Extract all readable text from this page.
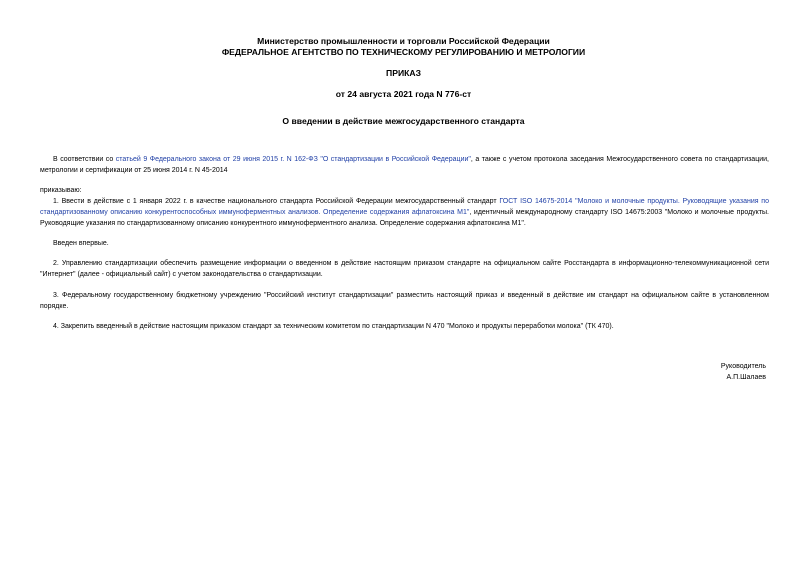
Министерство промышленности и торговли Российской Федерации
ФЕДЕРАЛЬНОЕ АГЕНТСТВО ПО ТЕХНИЧЕСКОМУ РЕГУЛИРОВАНИЮ И МЕТРОЛОГИИ
ПРИКАЗ
от 24 августа 2021 года N 776-ст
О введении в действие межгосударственного стандарта
В соответствии со статьей 9 Федерального закона от 29 июня 2015 г. N 162-ФЗ "О стандартизации в Российской Федерации", а также с учетом протокола заседания Межгосударственного совета по стандартизации, метрологии и сертификации от 25 июня 2014 г. N 45-2014
приказываю:
1. Ввести в действие с 1 января 2022 г. в качестве национального стандарта Российской Федерации межгосударственный стандарт ГОСТ ISO 14675-2014 "Молоко и молочные продукты. Руководящие указания по стандартизованному описанию конкурентоспособных иммуноферментных анализов. Определение содержания афлатоксина М1", идентичный международному стандарту ISO 14675:2003 "Молоко и молочные продукты. Руководящие указания по стандартизованному описанию конкурентного иммуноферментного анализа. Определение содержания афлатоксина М1".
Введен впервые.
2. Управлению стандартизации обеспечить размещение информации о введенном в действие настоящим приказом стандарте на официальном сайте Росстандарта в информационно-телекоммуникационной сети "Интернет" (далее - официальный сайт) с учетом законодательства о стандартизации.
3. Федеральному государственному бюджетному учреждению "Российский институт стандартизации" разместить настоящий приказ и введенный в действие им стандарт на официальном сайте в установленном порядке.
4. Закрепить введенный в действие настоящим приказом стандарт за техническим комитетом по стандартизации N 470 "Молоко и продукты переработки молока" (ТК 470).
Руководитель
А.П.Шалаев
